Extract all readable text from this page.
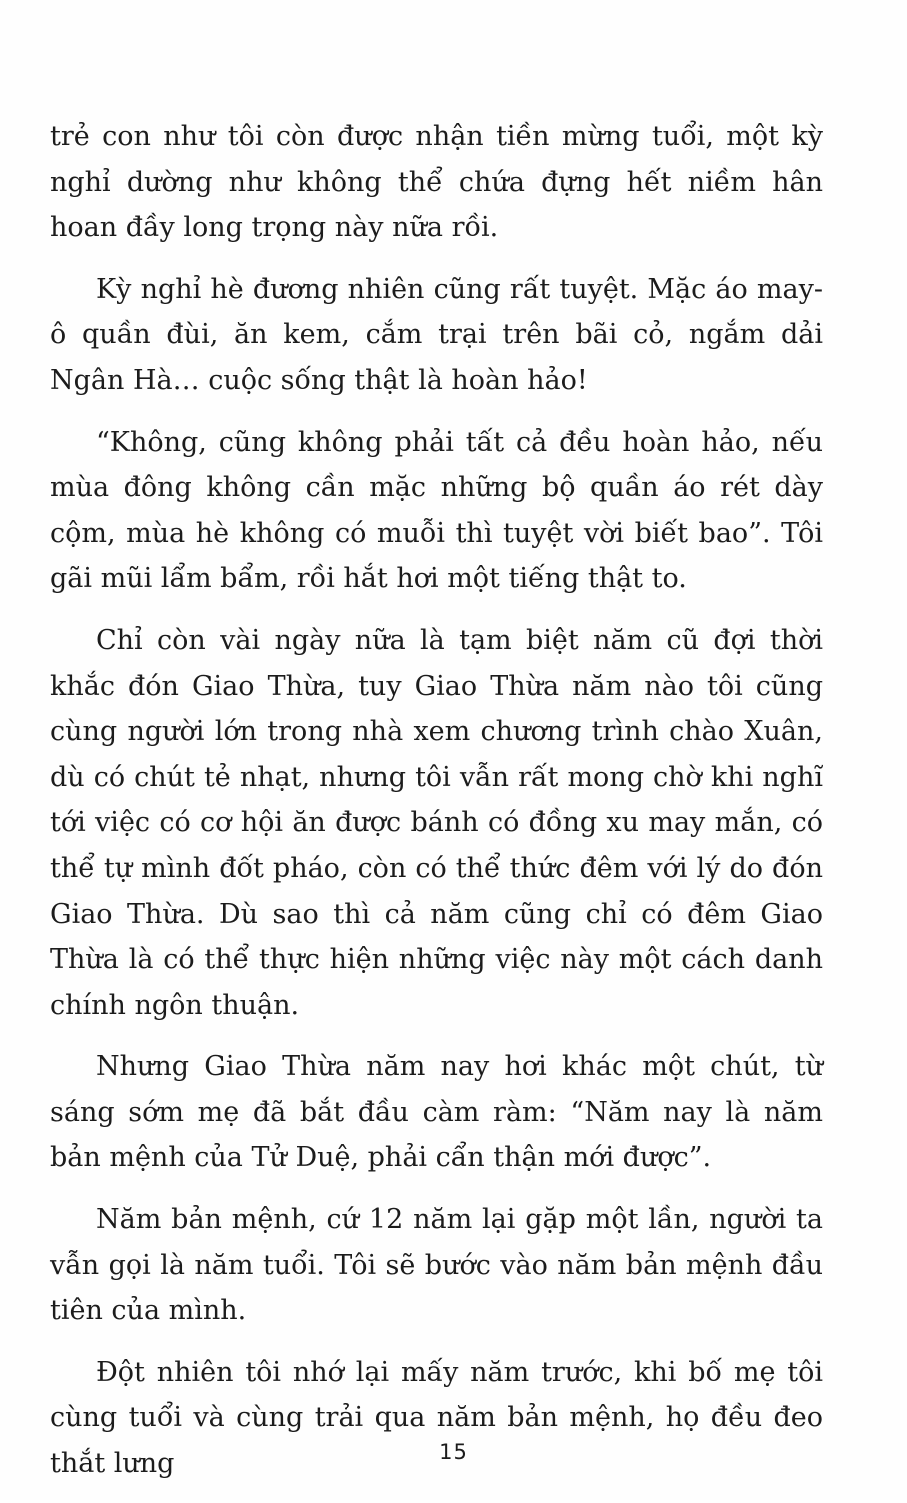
trẻ con như tôi còn được nhận tiền mừng tuổi, một kỳ nghỉ dường như không thể chứa đựng hết niềm hân hoan đầy long trọng này nữa rồi.

Kỳ nghỉ hè đương nhiên cũng rất tuyệt. Mặc áo may-ô quần đùi, ăn kem, cắm trại trên bãi cỏ, ngắm dải Ngân Hà… cuộc sống thật là hoàn hảo!

“Không, cũng không phải tất cả đều hoàn hảo, nếu mùa đông không cần mặc những bộ quần áo rét dày cộm, mùa hè không có muỗi thì tuyệt vời biết bao”. Tôi gãi mũi lẩm bẩm, rồi hắt hơi một tiếng thật to.

Chỉ còn vài ngày nữa là tạm biệt năm cũ đợi thời khắc đón Giao Thừa, tuy Giao Thừa năm nào tôi cũng cùng người lớn trong nhà xem chương trình chào Xuân, dù có chút tẻ nhạt, nhưng tôi vẫn rất mong chờ khi nghĩ tới việc có cơ hội ăn được bánh có đồng xu may mắn, có thể tự mình đốt pháo, còn có thể thức đêm với lý do đón Giao Thừa. Dù sao thì cả năm cũng chỉ có đêm Giao Thừa là có thể thực hiện những việc này một cách danh chính ngôn thuận.

Nhưng Giao Thừa năm nay hơi khác một chút, từ sáng sớm mẹ đã bắt đầu càm ràm: “Năm nay là năm bản mệnh của Tử Duệ, phải cẩn thận mới được”.

Năm bản mệnh, cứ 12 năm lại gặp một lần, người ta vẫn gọi là năm tuổi. Tôi sẽ bước vào năm bản mệnh đầu tiên của mình.

Đột nhiên tôi nhớ lại mấy năm trước, khi bố mẹ tôi cùng tuổi và cùng trải qua năm bản mệnh, họ đều đeo thắt lưng	15
